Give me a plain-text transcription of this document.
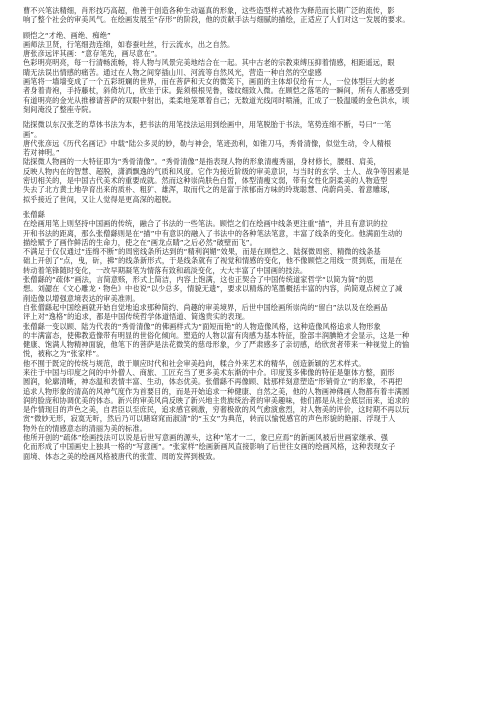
曹不兴笔法精细，肖形技巧高超，他善于创造各种生动逼真的形象，这些造型样式被作为释范而长期广泛的流传，影
响了整个社会的审美风气。在绘画发展至“存形”的阶段，他的贡献手法与细腻的描绘，正适应了人们对这一发展的要求。
顾恺之“才绝、画绝、痴绝”
画师法卫贤，行笔细劲连绵，如春蚕吐丝，行云流水，出之自然。
唐张彦远评其画：“意存笔先，画尽意在”。
色彩明亮明亮，每一行清畅流畅，将人物与风景完美地结合在一起。其中古老的宗教束缚压抑着情感，相距遥远，眼
睛无法误出情感的痛苦。通过在人物之间穿插山川、河流等自然风光，营造一种自然的空虚感
画笔将一墙墙变成了一个五彩斑斓的世界，而在菩萨和天女的微笑下，画面的主体却仅给有一人，一位体型巨大的老
者身着青袍，手持藤杖，斜倚坑几，欣坐于床。髭须根根见鲁，镂纹细致入微。在顾恺之落笔的一瞬间，所有人都感受到
有道明亮的金光从推穆请菩萨的双眼中射出，柔柔地笼罩着自己；无数道光线同时喷涌，汇成了一股温暖的金色洪水，顷
刻间淹没了整座寺院。
陆探微以东汉张芝的草体书法为本，把书法的用笔技法运用到绘画中，用笔脱胎于书法，笔势连绵不断，号曰“一笔
画”。
唐代张彦远《历代名画记》中载“陆公多灵的妙，勒与神会，笔迹劲利，如锥刀马，秀骨清像，似觉生动，令人精根
若对神明。”
陆探微人物画的一大特征即为“秀骨清像”。“秀骨清像”是指表现人物的形象清瘦秀丽，身材修长，腰细、肩美，
反映人物内在的智慧、超脱，潇洒飘逸的气质和风度。它作为接近阶级的审美意识，与当时的玄学、士人、战争等因素是
密切相关的，是中国古代美术的重要成就。然而这种崇尚肤色白皙，体型清瘦文弱，带有女性化阴柔美的人物造型
失去了北方黄土地孕育出来的质朴、粗犷、雄浑，取而代之的是富于浓郁南方味的玲珑聪慧、尚蔚尚美、着意雕琢，
拟乎接近了世间，又让人觉得是更高深的超脱。
张僧繇
在绘画用笔上则坚持中国画的传统，融合了书法的一些笔法。顾恺之们在绘画中线条更注重“描”，并且有意识的拉
开和书法的距离，那么张僧繇则是在“描”中有意识的融入了书法中的各种笔法笔意，丰富了线条的变化。他满面生动的
描绘赋予了画作鲜活的生命力，使之在“画龙点睛”之后必然“破壁而飞”。
不满足于仅仅通过“连绵不断”的周密线条所达到的“精利润媚”效果，而是在顾恺之、陆探微周密、精微的线条基
础上开创了“点，曳，斫，拂”的线条新形式，于是线条就有了视觉和情感的变化，他不像顾恺之用线一贯到底，而是在
转动着笔锋随时变化，一改早期凝笔为情落有致和疏淡变化，大大丰富了中国画的技法。
张僧繇的“疏体”画法，言简意赅，形式上简洁，内容上饱满，这也正契合了中国传统道家哲学“以简为简”的思
想。刘勰在《文心雕龙・物色》中也说“以少总多，情貌无遗”，要求以精炼的笔墨概括丰富的内容，尚简观点树立了减
削造像以增强意境表达的审美准则。
自张僧繇起中国绘画就开始自觉地追求那种简约、尚趣的审美境界，后世中国绘画所崇尚的“留白”法以及在绘画品
评上对“逸格”的追求，都是中国传统哲学体道悟道、简逸贵实的表现。
张僧繇一变以顾、陆为代表的“秀骨清像”的佛画样式为“面短而艳”的人物造像风格，这种造像风格追求人物形象
的丰满富态，使佛教造像带有明显的世俗化倾向。塑造的人物以富有肉感为基本特征，脸部丰润腆艳才会显示，这是一种
健康、饱满人物精神面貌，他笔下的菩萨是法花微笑的慈母形象，少了严肃感多了亲切感，给欣赏者带来一种视觉上的愉
悦，被称之为“张家样”。
他不囿于既定的传统与规范，敢于顺应时代和社会审美趋向，糅合外来艺术的精华，创造新颖的艺术样式。
来往于中国与印度之间的中外僧人、商旅、工匠充当了更多美术东渐的中介。印度笈多佛像的特征是躯体方整，面形
圆润，轮廓清晰，神态温和表情丰富、生动，体态优美。张僧繇不再像顾、陆那样刻意塑造“形销骨立”的形象，不再把
追求人物形象的清高的风神气度作为首要目的，而是开始追求一种健康、自然之美，他的人物画神佛画人物都有着丰满圆
润的脸庞和协调优美的体态。新兴的审美风尚反映了新兴地主贵族统治者的审美趣味，他们都是从社会底层而来，追求的
是作情现目的声色之美，自君臣以至庶民，追求感官刺激，穷奢极欲的风气愈演愈烈，对人物美的评价，这时期不再以玩
赏“微妙无形，寂寞无听，然后乃可以睹窈窕而淑清”的“玉女”为典范，转而以愉悦感官的声色形貌的艳丽、浮现于人
物外在的情感意态的清丽为美的标准。
他所开创的“疏体”绘画技法可以说是后世写意画的源头，这种“笔才一二，象已应焉”的新画风被后世画家继承、强
化而形成了中国画史上独具一格的“写意画”。“张家样”绘画新画风直接影响了后世往女画的绘画风格，这种表现女子
面境、体态之美的绘画风格被唐代的张萱、周昉发挥到极致。
